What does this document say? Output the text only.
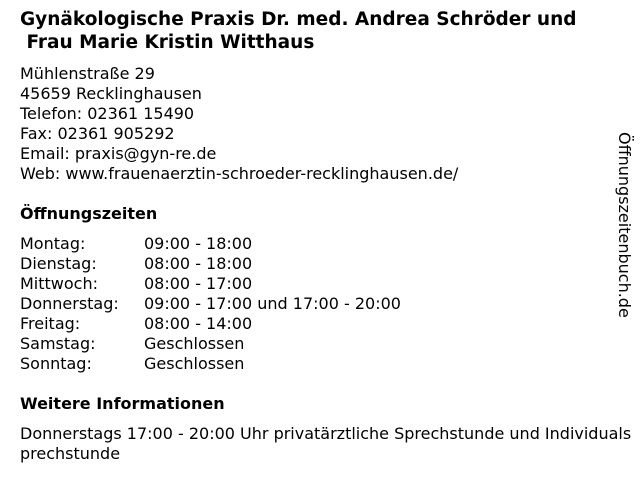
Gynäkologische Praxis Dr. med. Andrea Schröder und
Frau Marie Kristin Witthaus
Mühlenstraße 29
45659 Recklinghausen
Telefon: 02361 15490
Fax: 02361 905292
Email: praxis@gyn-re.de
Web: www.frauenaerztin-schroeder-recklinghausen.de/
Öffnungszeiten
Montag:	09:00 - 18:00
Dienstag:	08:00 - 18:00
Mittwoch:	08:00 - 17:00
Donnerstag:	09:00 - 17:00 und 17:00 - 20:00
Freitag:	08:00 - 14:00
Samstag:	Geschlossen
Sonntag:	Geschlossen
Weitere Informationen
Donnerstags 17:00 - 20:00 Uhr privatärztliche Sprechstunde und Individualsprechstunde
Öffnungszeitenbuch.de
